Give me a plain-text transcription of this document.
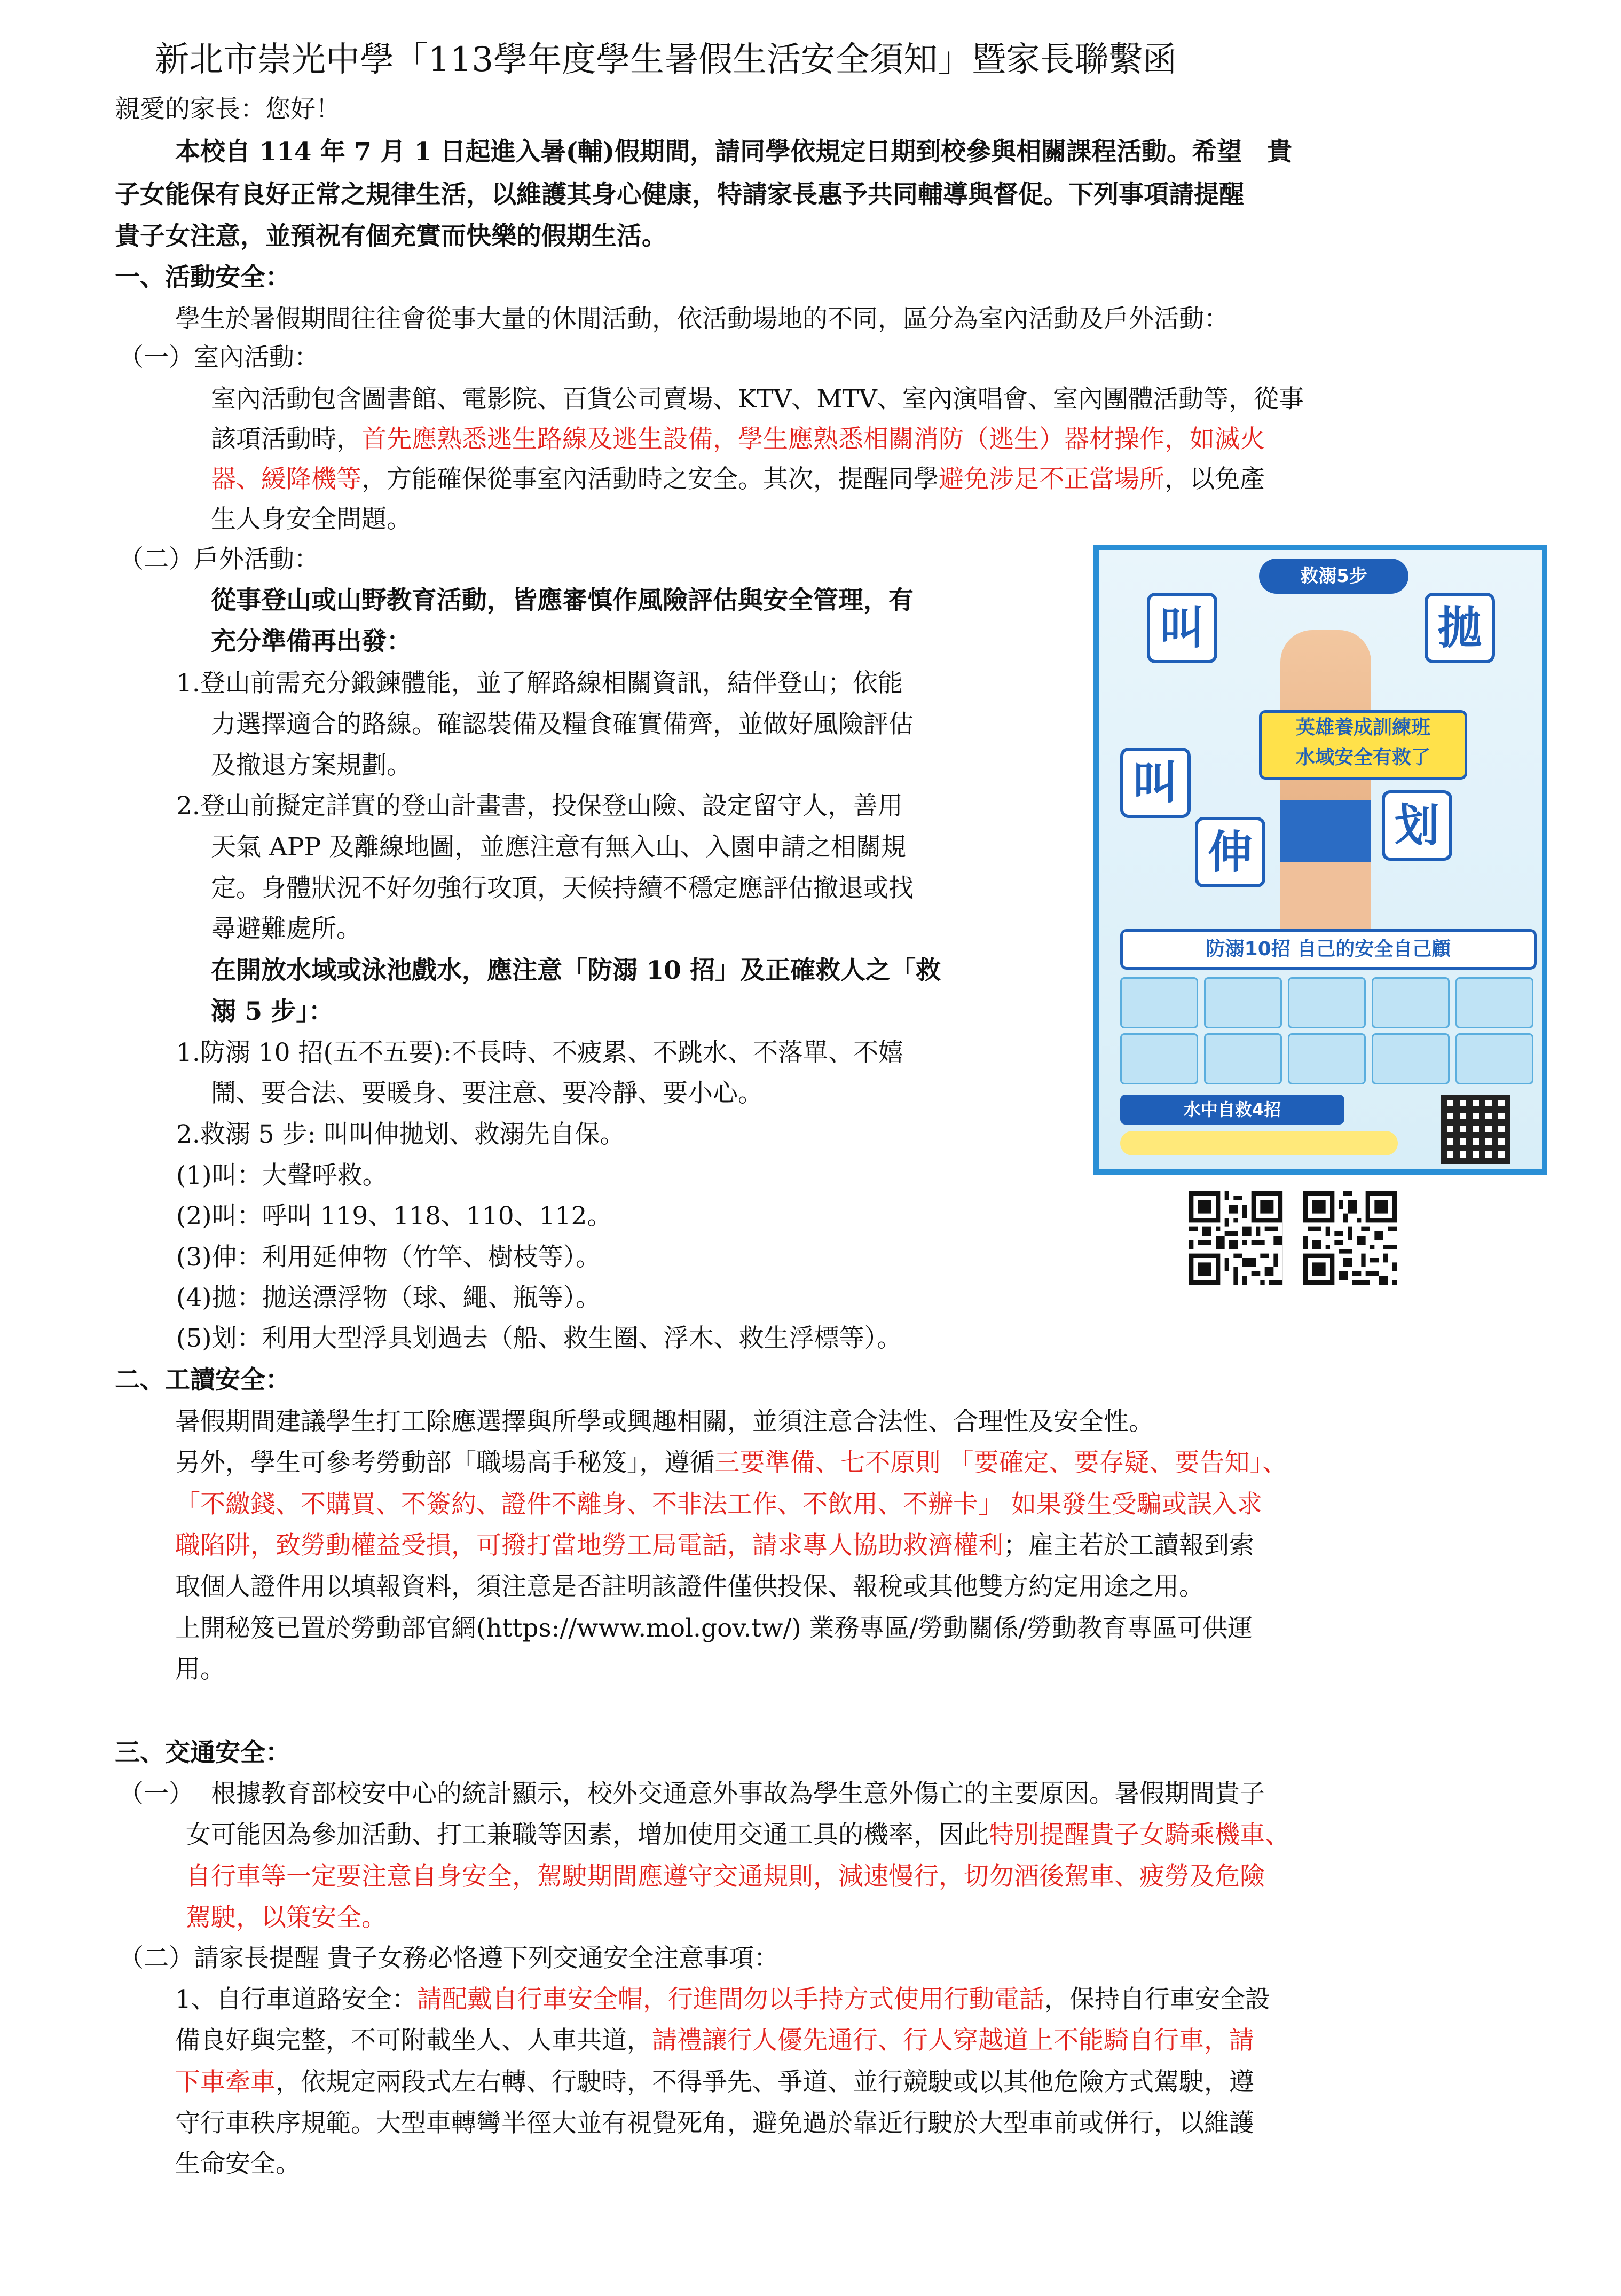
新北市崇光中學「113學年度學生暑假生活安全須知」暨家長聯繫函
親愛的家長：您好！
本校自 114 年 7 月 1 日起進入暑(輔)假期間，請同學依規定日期到校參與相關課程活動。希望　貴
子女能保有良好正常之規律生活，以維護其身心健康，特請家長惠予共同輔導與督促。下列事項請提醒
貴子女注意，並預祝有個充實而快樂的假期生活。
一、活動安全：
學生於暑假期間往往會從事大量的休閒活動，依活動場地的不同，區分為室內活動及戶外活動：
（一）室內活動：
室內活動包含圖書館、電影院、百貨公司賣場、KTV、MTV、室內演唱會、室內團體活動等，從事
該項活動時，首先應熟悉逃生路線及逃生設備，學生應熟悉相關消防（逃生）器材操作，如滅火
器、緩降機等，方能確保從事室內活動時之安全。其次，提醒同學避免涉足不正當場所，以免產
生人身安全問題。
（二）戶外活動：
從事登山或山野教育活動，皆應審慎作風險評估與安全管理，有
充分準備再出發：
1.登山前需充分鍛鍊體能，並了解路線相關資訊，結伴登山；依能
力選擇適合的路線。確認裝備及糧食確實備齊，並做好風險評估
及撤退方案規劃。
2.登山前擬定詳實的登山計畫書，投保登山險、設定留守人，善用
天氣 APP 及離線地圖，並應注意有無入山、入園申請之相關規
定。身體狀況不好勿強行攻頂，天候持續不穩定應評估撤退或找
尋避難處所。
在開放水域或泳池戲水，應注意「防溺 10 招」及正確救人之「救
溺 5 步」：
1.防溺 10 招(五不五要):不長時、不疲累、不跳水、不落單、不嬉
鬧、要合法、要暖身、要注意、要冷靜、要小心。
2.救溺 5 步: 叫叫伸拋划、救溺先自保。
(1)叫：大聲呼救。
(2)叫：呼叫 119、118、110、112。
(3)伸：利用延伸物（竹竿、樹枝等）。
(4)拋：拋送漂浮物（球、繩、瓶等）。
(5)划：利用大型浮具划過去（船、救生圈、浮木、救生浮標等）。
救溺5步
叫
叫
拋
伸
划
英雄養成訓練班
水域安全有救了
防溺10招 自己的安全自己顧
水中自救4招
二、工讀安全：
暑假期間建議學生打工除應選擇與所學或興趣相關，並須注意合法性、合理性及安全性。
另外，學生可參考勞動部「職場高手秘笈」，遵循三要準備、七不原則 「要確定、要存疑、要告知」、
「不繳錢、不購買、不簽約、證件不離身、不非法工作、不飲用、不辦卡」 如果發生受騙或誤入求
職陷阱，致勞動權益受損，可撥打當地勞工局電話，請求專人協助救濟權利；雇主若於工讀報到索
取個人證件用以填報資料，須注意是否註明該證件僅供投保、報稅或其他雙方約定用途之用。
上開秘笈已置於勞動部官網(https://www.mol.gov.tw/) 業務專區/勞動關係/勞動教育專區可供運
用。
三、交通安全：
（一） 根據教育部校安中心的統計顯示，校外交通意外事故為學生意外傷亡的主要原因。暑假期間貴子
女可能因為參加活動、打工兼職等因素，增加使用交通工具的機率，因此特別提醒貴子女騎乘機車、
自行車等一定要注意自身安全，駕駛期間應遵守交通規則，減速慢行，切勿酒後駕車、疲勞及危險
駕駛，以策安全。
（二）請家長提醒 貴子女務必恪遵下列交通安全注意事項：
1、自行車道路安全：請配戴自行車安全帽，行進間勿以手持方式使用行動電話，保持自行車安全設
備良好與完整，不可附載坐人、人車共道，請禮讓行人優先通行、行人穿越道上不能騎自行車，請
下車牽車，依規定兩段式左右轉、行駛時，不得爭先、爭道、並行競駛或以其他危險方式駕駛，遵
守行車秩序規範。大型車轉彎半徑大並有視覺死角，避免過於靠近行駛於大型車前或併行，以維護
生命安全。
